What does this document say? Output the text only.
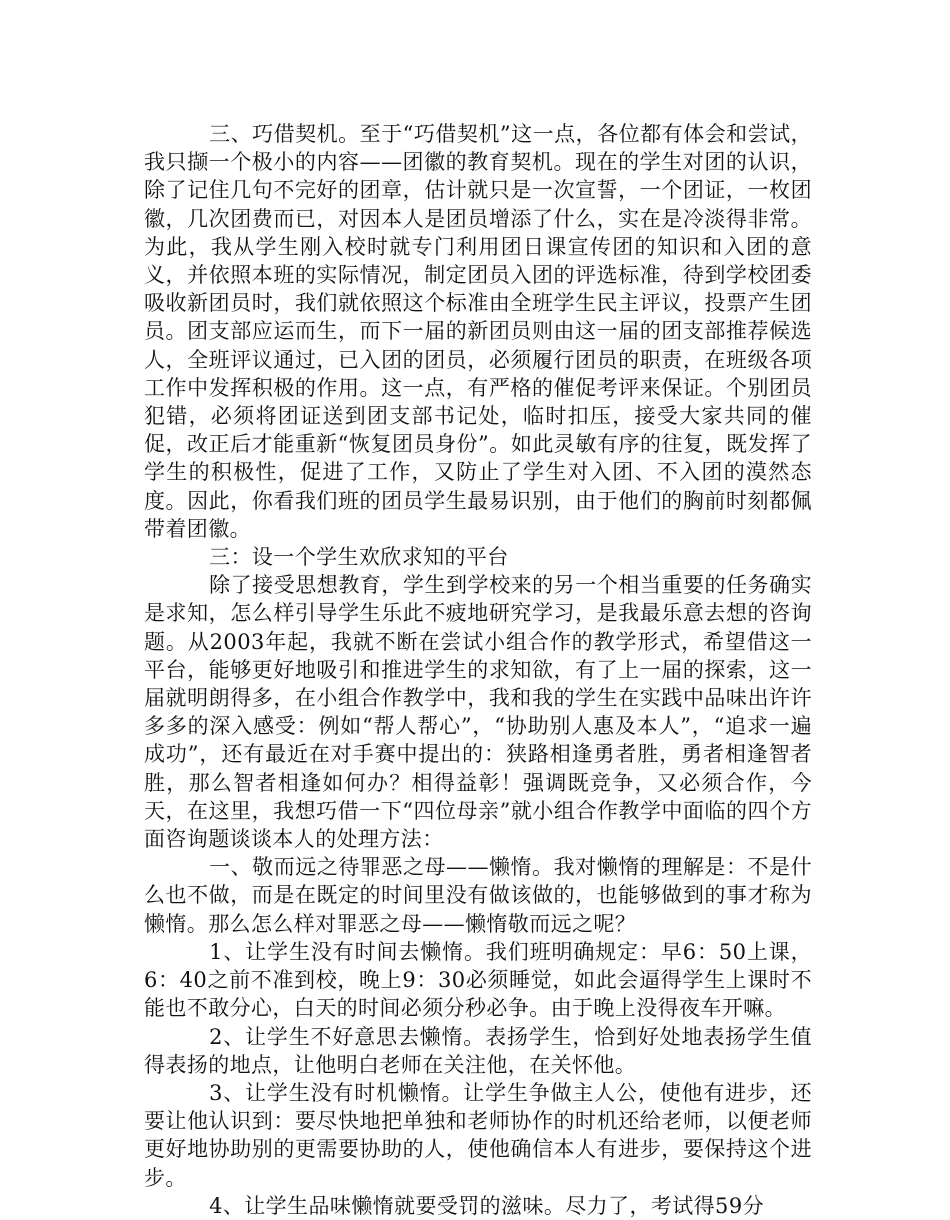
三、巧借契机。至于“巧借契机”这一点，各位都有体会和尝试，我只撷一个极小的内容——团徽的教育契机。现在的学生对团的认识，除了记住几句不完好的团章，估计就只是一次宣誓，一个团证，一枚团徽，几次团费而已，对因本人是团员增添了什么，实在是冷淡得非常。为此，我从学生刚入校时就专门利用团日课宣传团的知识和入团的意义，并依照本班的实际情况，制定团员入团的评选标准，待到学校团委吸收新团员时，我们就依照这个标准由全班学生民主评议，投票产生团员。团支部应运而生，而下一届的新团员则由这一届的团支部推荐候选人，全班评议通过，已入团的团员，必须履行团员的职责，在班级各项工作中发挥积极的作用。这一点，有严格的催促考评来保证。个别团员犯错，必须将团证送到团支部书记处，临时扣压，接受大家共同的催促，改正后才能重新“恢复团员身份”。如此灵敏有序的往复，既发挥了学生的积极性，促进了工作，又防止了学生对入团、不入团的漠然态度。因此，你看我们班的团员学生最易识别，由于他们的胸前时刻都佩带着团徽。

三：设一个学生欢欣求知的平台

除了接受思想教育，学生到学校来的另一个相当重要的任务确实是求知，怎么样引导学生乐此不疲地研究学习，是我最乐意去想的咨询题。从2003年起，我就不断在尝试小组合作的教学形式，希望借这一平台，能够更好地吸引和推进学生的求知欲，有了上一届的探索，这一届就明朗得多，在小组合作教学中，我和我的学生在实践中品味出许许多多的深入感受：例如“帮人帮心”，“协助别人惠及本人”，“追求一遍成功”，还有最近在对手赛中提出的：狭路相逢勇者胜，勇者相逢智者胜，那么智者相逢如何办？相得益彰！强调既竞争，又必须合作，今天，在这里，我想巧借一下“四位母亲”就小组合作教学中面临的四个方面咨询题谈谈本人的处理方法：

一、敬而远之待罪恶之母——懒惰。我对懒惰的理解是：不是什么也不做，而是在既定的时间里没有做该做的，也能够做到的事才称为懒惰。那么怎么样对罪恶之母——懒惰敬而远之呢？

1、让学生没有时间去懒惰。我们班明确规定：早6：50上课，6：40之前不准到校，晚上9：30必须睡觉，如此会逼得学生上课时不能也不敢分心，白天的时间必须分秒必争。由于晚上没得夜车开嘛。

2、让学生不好意思去懒惰。表扬学生，恰到好处地表扬学生值得表扬的地点，让他明白老师在关注他，在关怀他。

3、让学生没有时机懒惰。让学生争做主人公，使他有进步，还要让他认识到：要尽快地把单独和老师协作的时机还给老师，以便老师更好地协助别的更需要协助的人，使他确信本人有进步，要保持这个进步。

4、让学生品味懒惰就要受罚的滋味。尽力了，考试得59分
